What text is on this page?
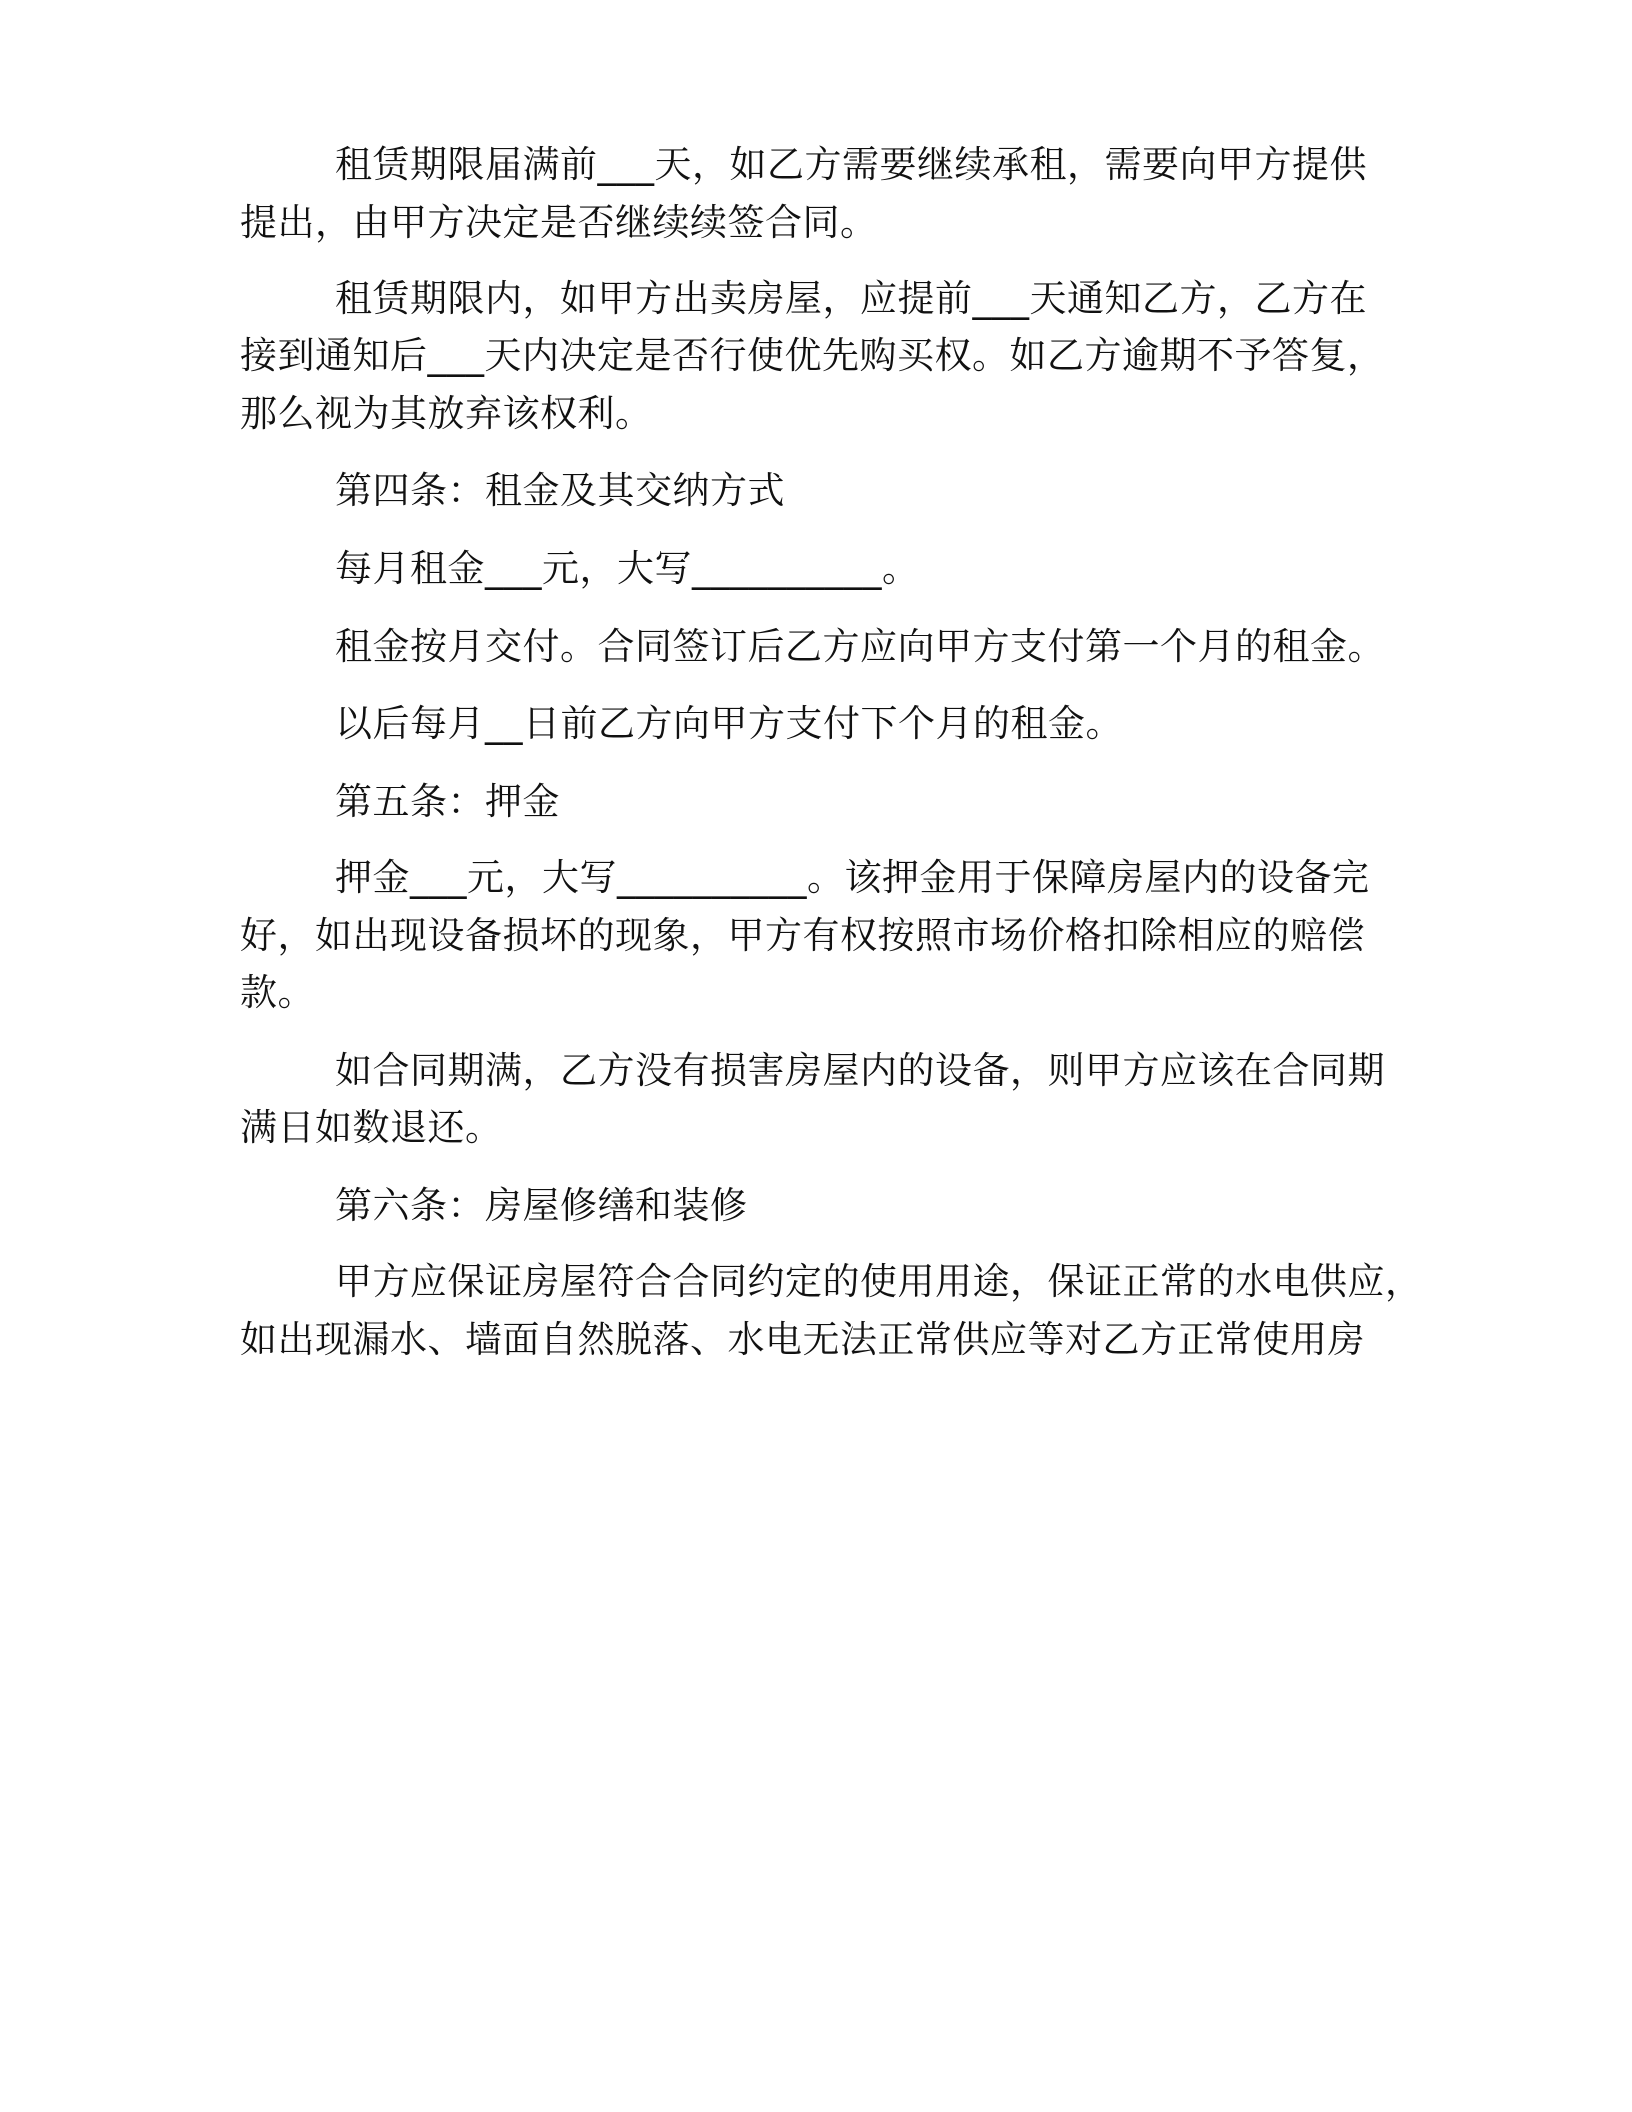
租赁期限届满前___天，如乙方需要继续承租，需要向甲方提供
提出，由甲方决定是否继续续签合同。
租赁期限内，如甲方出卖房屋，应提前___天通知乙方，乙方在
接到通知后___天内决定是否行使优先购买权。如乙方逾期不予答复，
那么视为其放弃该权利。
第四条：租金及其交纳方式
每月租金___元，大写__________。
租金按月交付。合同签订后乙方应向甲方支付第一个月的租金。
以后每月__日前乙方向甲方支付下个月的租金。
第五条：押金
押金___元，大写__________。该押金用于保障房屋内的设备完
好，如出现设备损坏的现象，甲方有权按照市场价格扣除相应的赔偿
款。
如合同期满，乙方没有损害房屋内的设备，则甲方应该在合同期
满日如数退还。
第六条：房屋修缮和装修
甲方应保证房屋符合合同约定的使用用途，保证正常的水电供应，
如出现漏水、墙面自然脱落、水电无法正常供应等对乙方正常使用房
